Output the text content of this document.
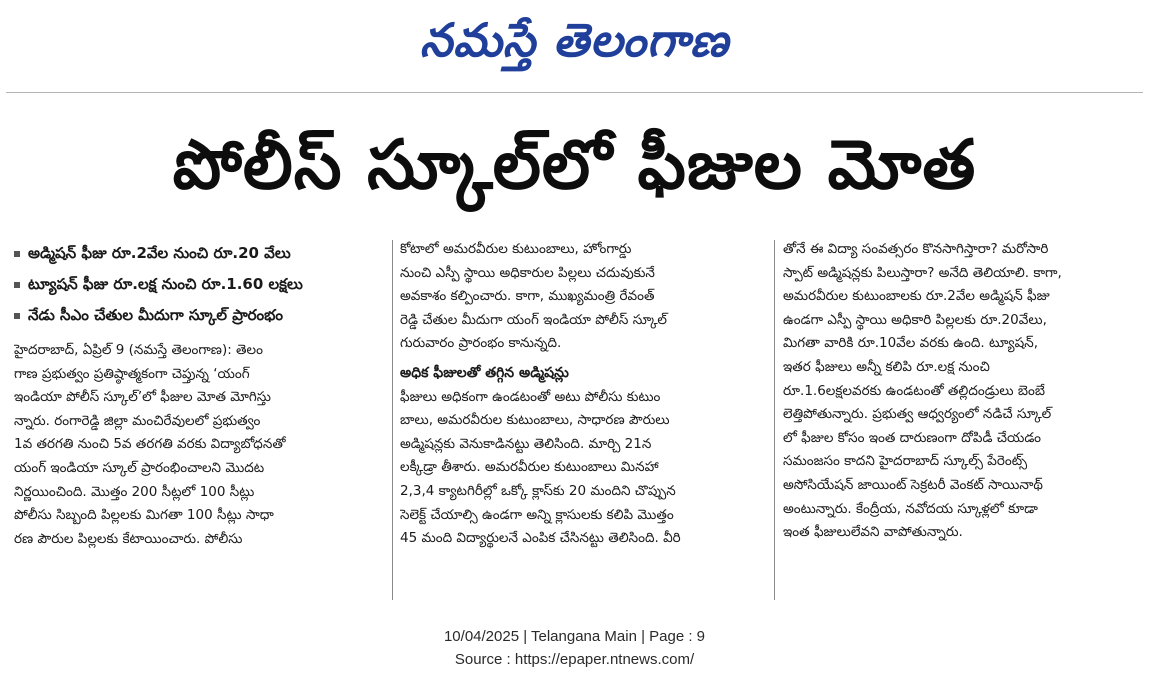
నమస్తే తెలంగాణ
పోలీస్ స్కూల్‌లో ఫీజుల మోత
అడ్మిషన్ ఫీజు రూ.2వేల నుంచి రూ.20 వేలు
ట్యూషన్ ఫీజు రూ.లక్ష నుంచి రూ.1.60 లక్షలు
నేడు సీఎం చేతుల మీదుగా స్కూల్ ప్రారంభం

హైదరాబాద్, ఏప్రిల్ 9 (నమస్తే తెలంగాణ): తెలం

గాణ ప్రభుత్వం ప్రతిష్ఠాత్మకంగా చెప్తున్న ‘యంగ్

ఇండియా పోలీస్ స్కూల్’లో ఫీజుల మోత మోగిస్తు

న్నారు. రంగారెడ్డి జిల్లా మంచిరేవులలో ప్రభుత్వం

1వ తరగతి నుంచి 5వ తరగతి వరకు విద్యాబోధనతో

యంగ్ ఇండియా స్కూల్ ప్రారంభించాలని మొదట

నిర్ణయించింది. మొత్తం 200 సీట్లలో 100 సీట్లు

పోలీసు సిబ్బంది పిల్లలకు మిగతా 100 సీట్లు సాధా

రణ పౌరుల పిల్లలకు కేటాయించారు. పోలీసు

కోటాలో అమరవీరుల కుటుంబాలు, హోంగార్డు

నుంచి ఎస్పీ స్థాయి అధికారుల పిల్లలు చదువుకునే

అవకాశం కల్పించారు. కాగా, ముఖ్యమంత్రి రేవంత్

రెడ్డి చేతుల మీదుగా యంగ్ ఇండియా పోలీస్ స్కూల్

గురువారం ప్రారంభం కానున్నది.

అధిక ఫీజులతో తగ్గిన అడ్మిషన్లు

ఫీజులు అధికంగా ఉండటంతో అటు పోలీసు కుటుం

బాలు, అమరవీరుల కుటుంబాలు, సాధారణ పౌరులు

అడ్మిషన్లకు వెనుకాడినట్టు తెలిసింది. మార్చి 21న

లక్కీడ్రా తీశారు. అమరవీరుల కుటుంబాలు మినహా

2,3,4 క్యాటగిరీల్లో ఒక్కో క్లాస్‌కు 20 మందిని చొప్పున

సెలెక్ట్ చేయాల్సి ఉండగా అన్ని క్లాసులకు కలిపి మొత్తం

45 మంది విద్యార్థులనే ఎంపిక చేసినట్టు తెలిసింది. వీరి

తోనే ఈ విద్యా సంవత్సరం కొనసాగిస్తారా? మరోసారి

స్పాట్ అడ్మిషన్లకు పిలుస్తారా? అనేది తెలియాలి. కాగా,

అమరవీరుల కుటుంబాలకు రూ.2వేల అడ్మిషన్ ఫీజు

ఉండగా ఎస్పీ స్థాయి అధికారి పిల్లలకు రూ.20వేలు,

మిగతా వారికి రూ.10వేల వరకు ఉంది. ట్యూషన్,

ఇతర ఫీజులు అన్నీ కలిపి రూ.లక్ష నుంచి

రూ.1.6లక్షలవరకు ఉండటంతో తల్లిదండ్రులు బెంబే

లెత్తిపోతున్నారు. ప్రభుత్వ ఆధ్వర్యంలో నడిచే స్కూల్

లో ఫీజుల కోసం ఇంత దారుణంగా దోపిడీ చేయడం

సమంజసం కాదని హైదరాబాద్ స్కూల్స్ పేరెంట్స్

అసోసియేషన్ జాయింట్ సెక్రటరీ వెంకట్ సాయినాథ్

అంటున్నారు. కేంద్రీయ, నవోదయ స్కూళ్లలో కూడా

ఇంత ఫీజులులేవని వాపోతున్నారు.

10/04/2025 | Telangana Main | Page : 9
Source : https://epaper.ntnews.com/
